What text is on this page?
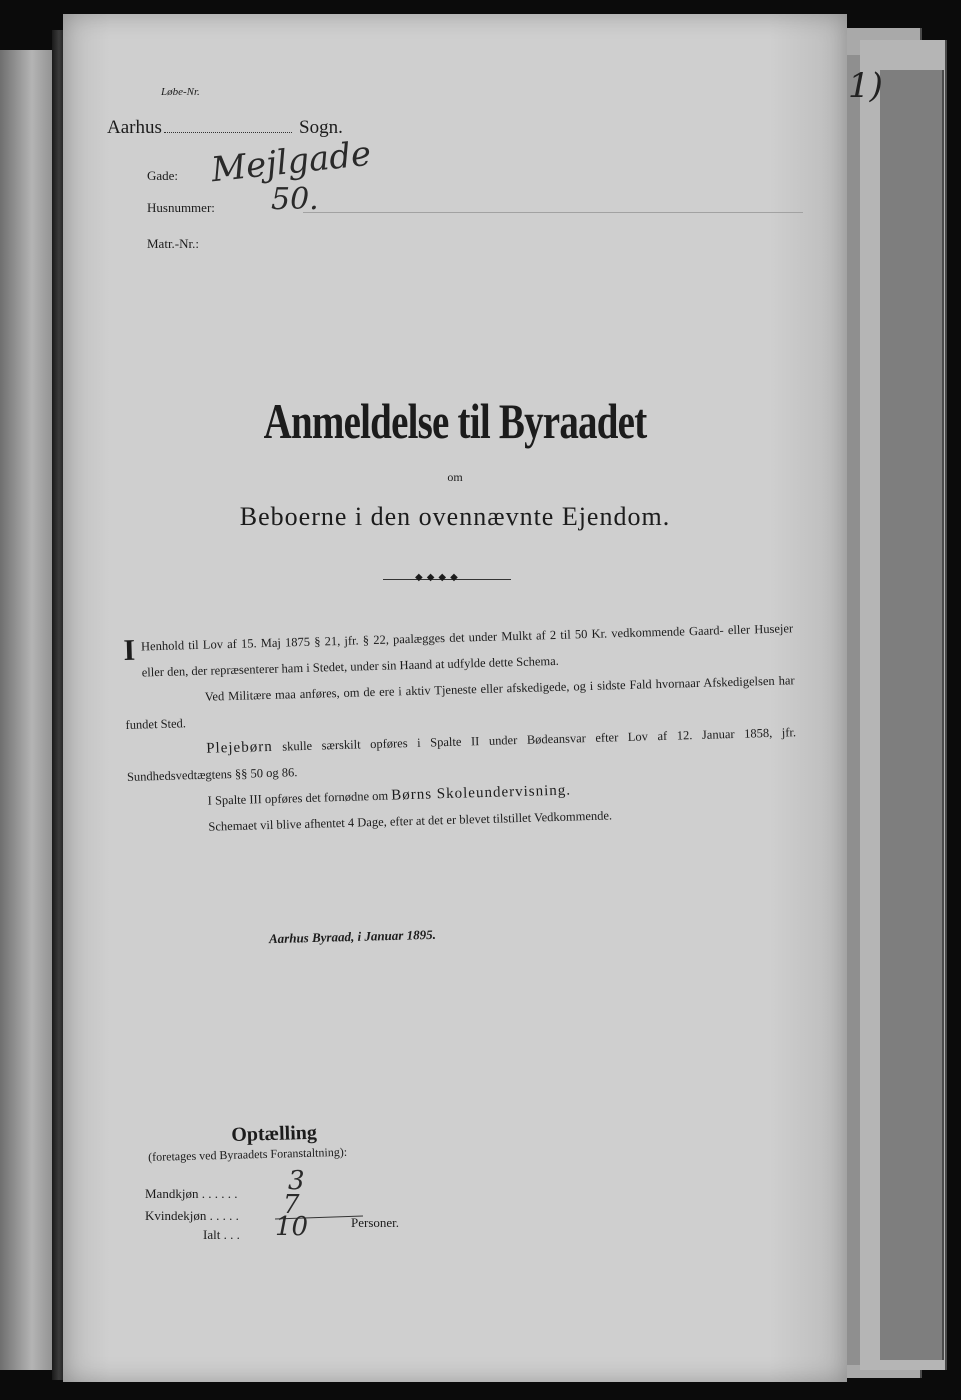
1)
Løbe-Nr.
Aarhus	Sogn.
Gade: Mejlgade
Husnummer: 50.
Matr.-Nr.:
Anmeldelse til Byraadet
om
Beboerne i den ovennævnte Ejendom.
◆◆◆◆

I Henhold til Lov af 15. Maj 1875 § 21, jfr. § 22, paalægges det under Mulkt af 2 til 50 Kr. vedkommende Gaard- eller Husejer eller den, der repræsenterer ham i Stedet, under sin Haand at udfylde dette Schema.

Ved Militære maa anføres, om de ere i aktiv Tjeneste eller afskedigede, og i sidste Fald hvornaar Afskedigelsen har fundet Sted.

Plejebørn skulle særskilt opføres i Spalte II under Bødeansvar efter Lov af 12. Januar 1858, jfr. Sundhedsvedtægtens §§ 50 og 86.

I Spalte III opføres det fornødne om Børns Skoleundervisning.

Schemaet vil blive afhentet 4 Dage, efter at det er blevet tilstillet Vedkommende.

Aarhus Byraad, i Januar 1895.
Optælling
(foretages ved Byraadets Foranstaltning):
Mandkjøn . . . . . . 3
Kvindekjøn . . . . . 7
Ialt . . . 10	Personer.
